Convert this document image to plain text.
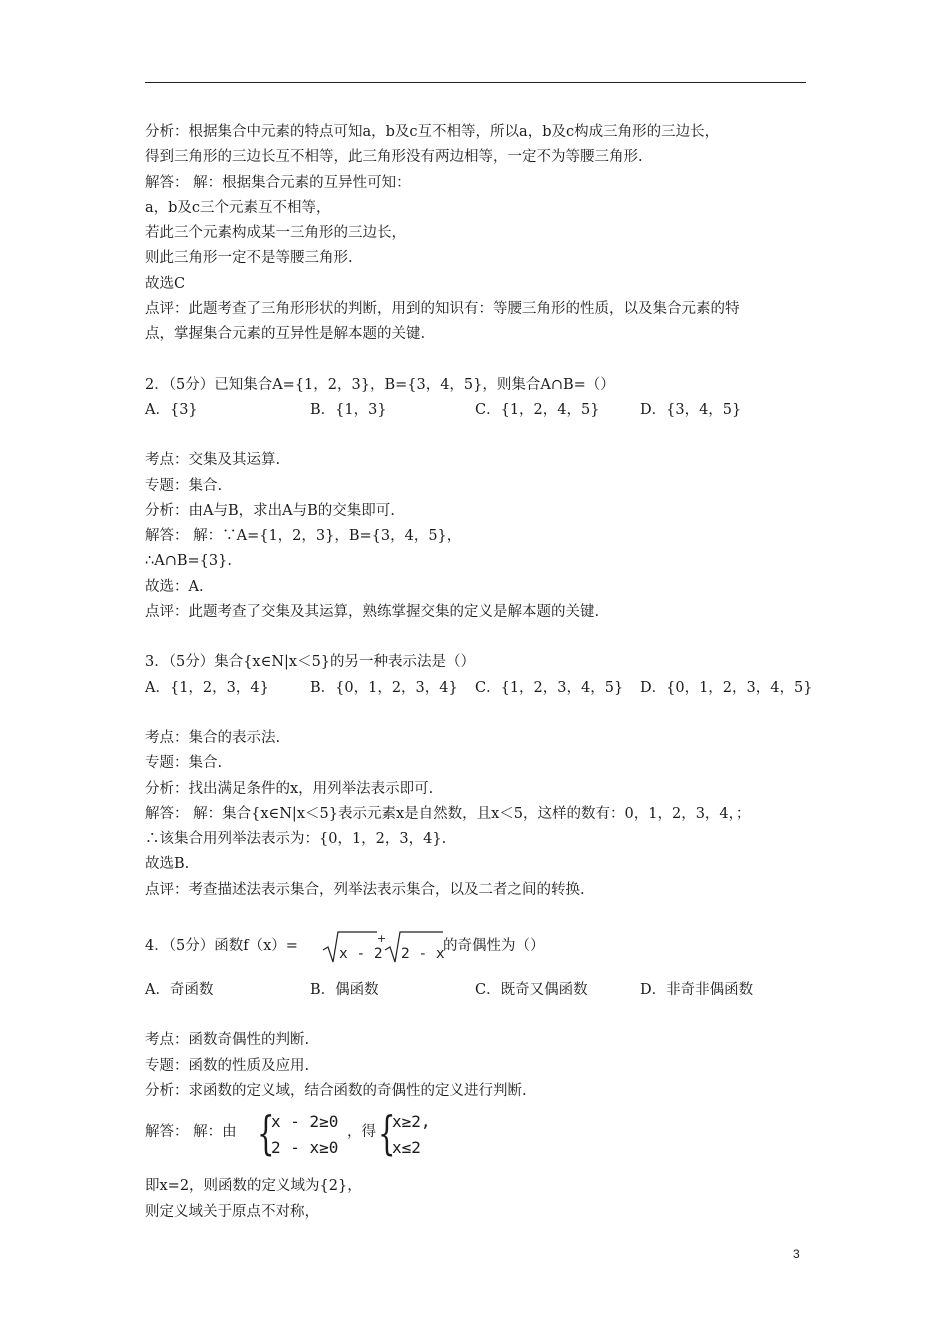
分析：根据集合中元素的特点可知a，b及c互不相等，所以a，b及c构成三角形的三边长，
得到三角形的三边长互不相等，此三角形没有两边相等，一定不为等腰三角形.
解答： 解：根据集合元素的互异性可知：
a，b及c三个元素互不相等，
若此三个元素构成某一三角形的三边长，
则此三角形一定不是等腰三角形.
故选C
点评：此题考查了三角形形状的判断，用到的知识有：等腰三角形的性质，以及集合元素的特
点，掌握集合元素的互异性是解本题的关键.
2．（5分）已知集合A={1，2，3}，B={3，4，5}，则集合A∩B=（）
A．{3}	B．{1，3}	C．{1，2，4，5}	D．{3，4，5}
考点：交集及其运算.
专题：集合.
分析：由A与B，求出A与B的交集即可.
解答： 解：∵A={1，2，3}，B={3，4，5}，
∴A∩B={3}.
故选：A.
点评：此题考查了交集及其运算，熟练掌握交集的定义是解本题的关键.
3．（5分）集合{x∈N|x＜5}的另一种表示法是（）
A．{1，2，3，4}	B．{0，1，2，3，4} C．{1，2，3，4，5} D．{0，1，2，3，4，5}
考点：集合的表示法.
专题：集合.
分析：找出满足条件的x，用列举法表示即可.
解答： 解：集合{x∈N|x＜5}表示元素x是自然数，且x＜5，这样的数有：0，1，2，3，4，；
∴该集合用列举法表示为：{0，1，2，3，4}.
故选B.
点评：考查描述法表示集合，列举法表示集合，以及二者之间的转换.
4．（5分）函数f（x）=	x - 2
+
2 - x
的奇偶性为（）
A．奇函数	B．偶函数	C．既奇又偶函数	D．非奇非偶函数
考点：函数奇偶性的判断.
专题：函数的性质及应用.
分析：求函数的定义域，结合函数的奇偶性的定义进行判断.
解答： 解：由 {
x - 2≥0
2 - x≥0
，得 {
x≥2,
x≤2
即x=2，则函数的定义域为{2}，
则定义域关于原点不对称，
3
